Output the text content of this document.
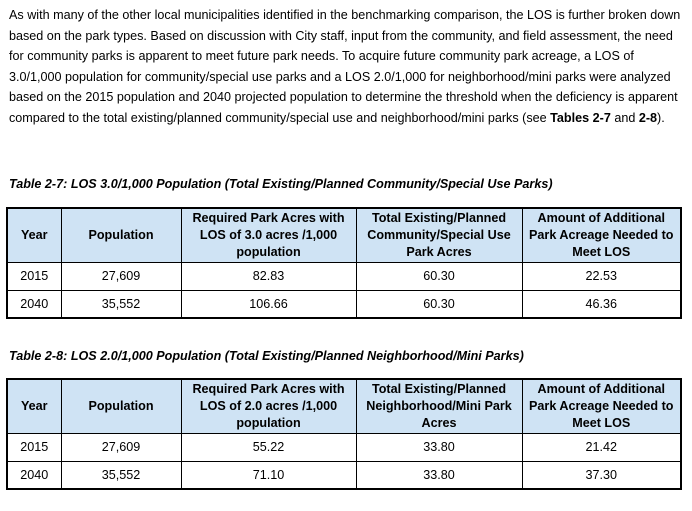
As with many of the other local municipalities identified in the benchmarking comparison, the LOS is further broken down based on the park types. Based on discussion with City staff, input from the community, and field assessment, the need for community parks is apparent to meet future park needs. To acquire future community park acreage, a LOS of 3.0/1,000 population for community/special use parks and a LOS 2.0/1,000 for neighborhood/mini parks were analyzed based on the 2015 population and 2040 projected population to determine the threshold when the deficiency is apparent compared to the total existing/planned community/special use and neighborhood/mini parks (see Tables 2-7 and 2-8).

Table 2-7: LOS 3.0/1,000 Population (Total Existing/Planned Community/Special Use Parks)

Year	Population	Required Park Acres with LOS of 3.0 acres /1,000 population	Total Existing/Planned Community/Special Use Park Acres	Amount of Additional Park Acreage Needed to Meet LOS
2015	27,609	82.83	60.30	22.53
2040	35,552	106.66	60.30	46.36

Table 2-8: LOS 2.0/1,000 Population (Total Existing/Planned Neighborhood/Mini Parks)

Year	Population	Required Park Acres with LOS of 2.0 acres /1,000 population	Total Existing/Planned Neighborhood/Mini Park Acres	Amount of Additional Park Acreage Needed to Meet LOS
2015	27,609	55.22	33.80	21.42
2040	35,552	71.10	33.80	37.30
